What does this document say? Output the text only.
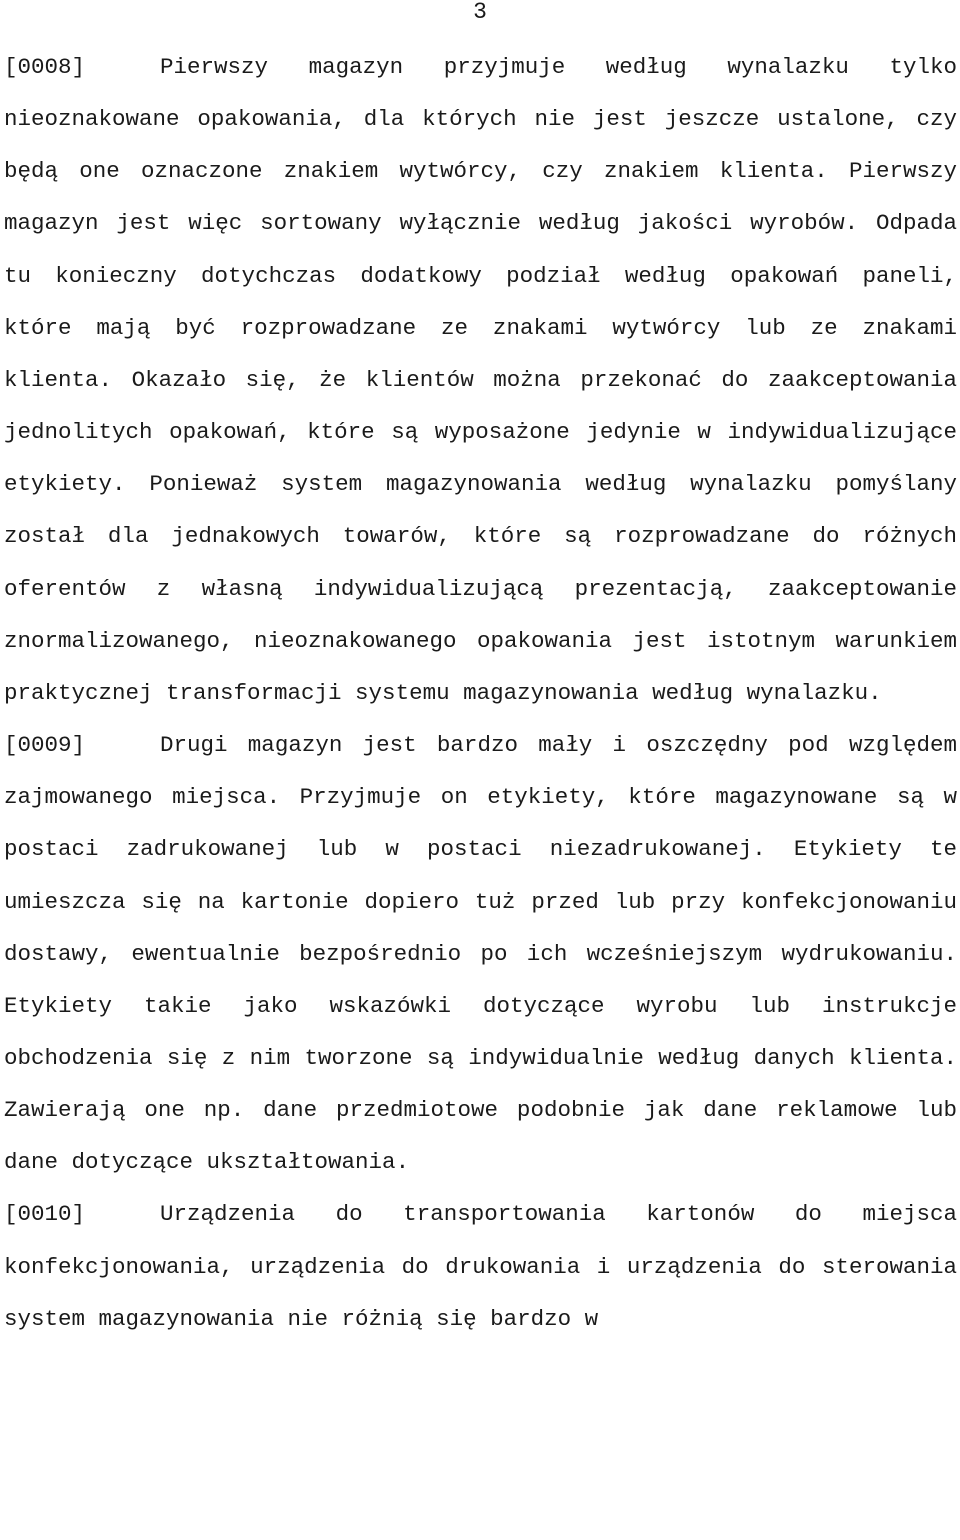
3

[0008]	Pierwszy magazyn przyjmuje według wynalazku tylko nieoznakowane opakowania, dla których nie jest jeszcze ustalone, czy będą one oznaczone znakiem wytwórcy, czy znakiem klienta. Pierwszy magazyn jest więc sortowany wyłącznie według jakości wyrobów. Odpada tu konieczny dotychczas dodatkowy podział według opakowań paneli, które mają być rozprowadzane ze znakami wytwórcy lub ze znakami klienta. Okazało się, że klientów można przekonać do zaakceptowania jednolitych opakowań, które są wyposażone jedynie w indywidualizujące etykiety. Ponieważ system magazynowania według wynalazku pomyślany został dla jednakowych towarów, które są rozprowadzane do różnych oferentów z własną indywidualizującą prezentacją, zaakceptowanie znormalizowanego, nieoznakowanego opakowania jest istotnym warunkiem praktycznej transformacji systemu magazynowania według wynalazku.

[0009]	Drugi magazyn jest bardzo mały i oszczędny pod względem zajmowanego miejsca. Przyjmuje on etykiety, które magazynowane są w postaci zadrukowanej lub w postaci niezadrukowanej. Etykiety te umieszcza się na kartonie dopiero tuż przed lub przy konfekcjonowaniu dostawy, ewentualnie bezpośrednio po ich wcześniejszym wydrukowaniu. Etykiety takie jako wskazówki dotyczące wyrobu lub instrukcje obchodzenia się z nim tworzone są indywidualnie według danych klienta. Zawierają one np. dane przedmiotowe podobnie jak dane reklamowe lub dane dotyczące ukształtowania.

[0010]	Urządzenia do transportowania kartonów do miejsca konfekcjonowania, urządzenia do drukowania i urządzenia do sterowania system magazynowania nie różnią się bardzo w
